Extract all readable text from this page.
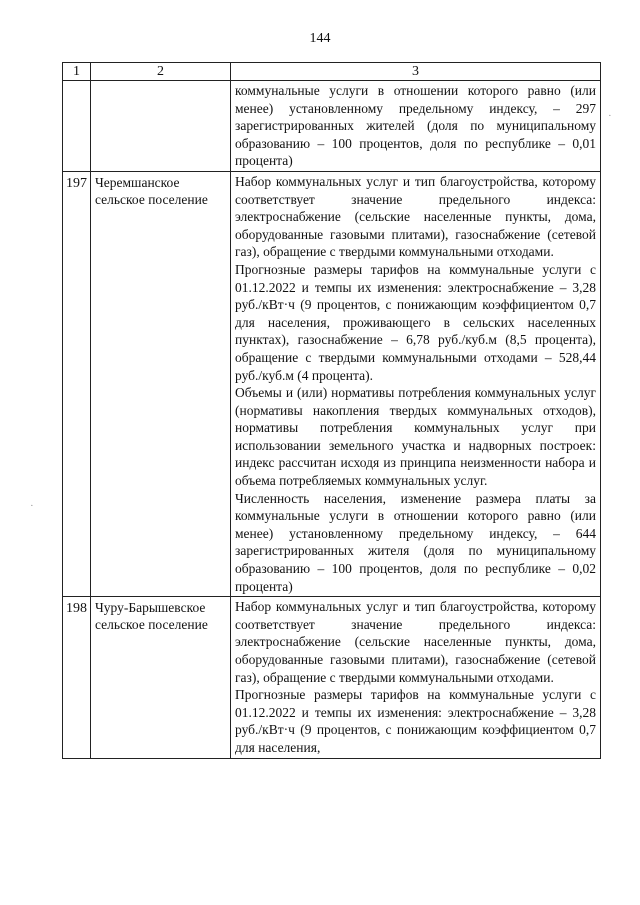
144
1	2	3

		коммунальные услуги в отношении которого равно (или менее) установленному предельному индексу, – 297 зарегистрированных жителей (доля по муниципальному образованию – 100 процентов, доля по республике – 0,01 процента)

197	Черемшанское сельское поселение	Набор коммунальных услуг и тип благоустройства, которому соответствует значение предельного индекса: электроснабжение (сельские населенные пункты, дома, оборудованные газовыми плитами), газоснабжение (сетевой газ), обращение с твердыми коммунальными отходами.

Прогнозные размеры тарифов на коммунальные услуги с 01.12.2022 и темпы их изменения: электроснабжение – 3,28 руб./кВт·ч (9 процентов, с понижающим коэффициентом 0,7 для населения, проживающего в сельских населенных пунктах), газоснабжение – 6,78 руб./куб.м (8,5 процента), обращение с твердыми коммунальными отходами – 528,44 руб./куб.м (4 процента).

Объемы и (или) нормативы потребления коммунальных услуг (нормативы накопления твердых коммунальных отходов), нормативы потребления коммунальных услуг при использовании земельного участка и надворных построек: индекс рассчитан исходя из принципа неизменности набора и объема потребляемых коммунальных услуг.

Численность населения, изменение размера платы за коммунальные услуги в отношении которого равно (или менее) установленному предельному индексу, – 644 зарегистрированных жителя (доля по муниципальному образованию – 100 процентов, доля по республике – 0,02 процента)

198	Чуру-Барышевское сельское поселение	Набор коммунальных услуг и тип благоустройства, которому соответствует значение предельного индекса: электроснабжение (сельские населенные пункты, дома, оборудованные газовыми плитами), газоснабжение (сетевой газ), обращение с твердыми коммунальными отходами.

Прогнозные размеры тарифов на коммунальные услуги с 01.12.2022 и темпы их изменения: электроснабжение – 3,28 руб./кВт·ч (9 процентов, с понижающим коэффициентом 0,7 для населения,

·
·
